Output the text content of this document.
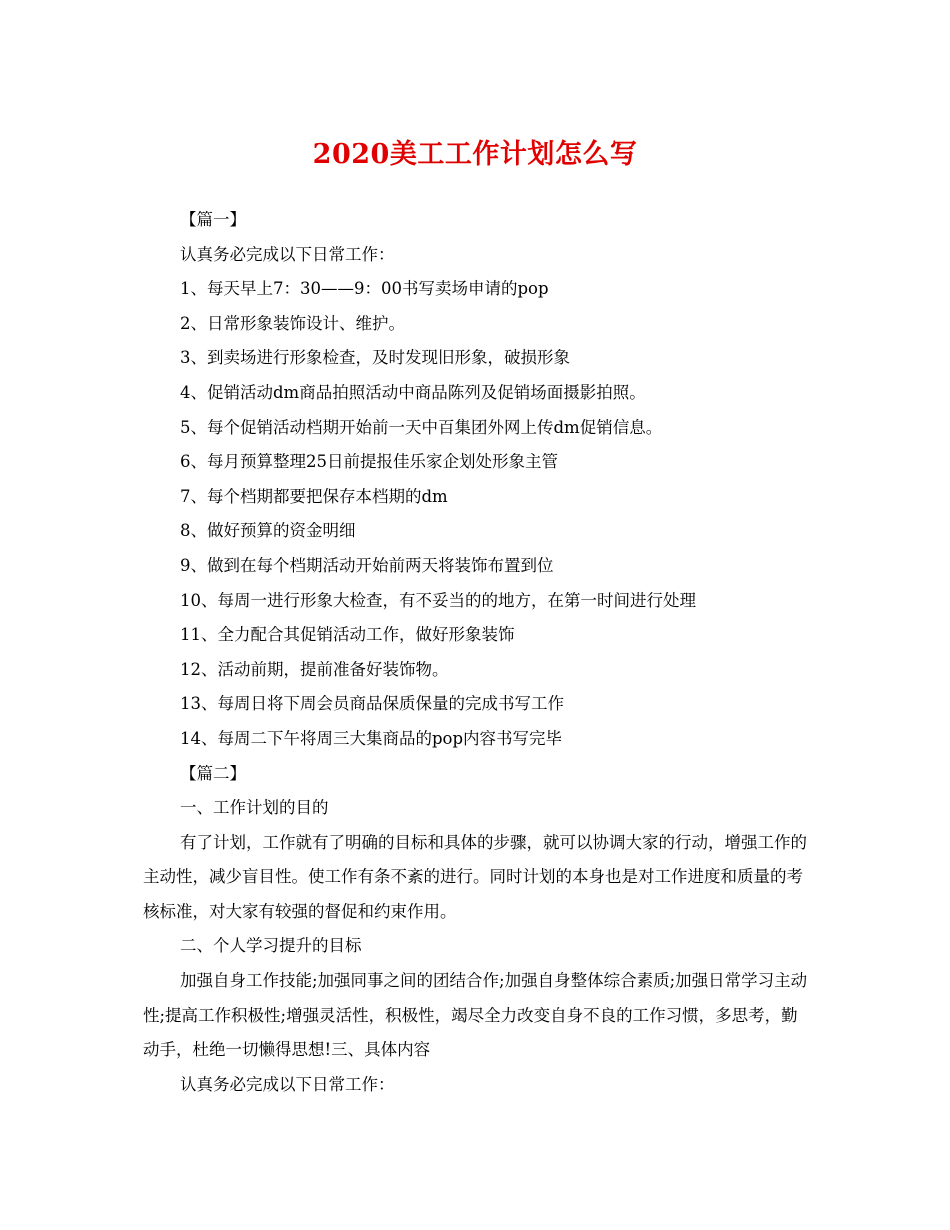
2020美工工作计划怎么写

【篇一】

认真务必完成以下日常工作：

1、每天早上7：30——9：00书写卖场申请的pop

2、日常形象装饰设计、维护。

3、到卖场进行形象检查，及时发现旧形象，破损形象

4、促销活动dm商品拍照活动中商品陈列及促销场面摄影拍照。

5、每个促销活动档期开始前一天中百集团外网上传dm促销信息。

6、每月预算整理25日前提报佳乐家企划处形象主管

7、每个档期都要把保存本档期的dm

8、做好预算的资金明细

9、做到在每个档期活动开始前两天将装饰布置到位

10、每周一进行形象大检查，有不妥当的的地方，在第一时间进行处理

11、全力配合其促销活动工作，做好形象装饰

12、活动前期，提前准备好装饰物。

13、每周日将下周会员商品保质保量的完成书写工作

14、每周二下午将周三大集商品的pop内容书写完毕

【篇二】

一、工作计划的目的

有了计划，工作就有了明确的目标和具体的步骤，就可以协调大家的行动，增强工作的主动性，减少盲目性。使工作有条不紊的进行。同时计划的本身也是对工作进度和质量的考核标准，对大家有较强的督促和约束作用。

二、个人学习提升的目标

加强自身工作技能;加强同事之间的团结合作;加强自身整体综合素质;加强日常学习主动性;提高工作积极性;增强灵活性，积极性，竭尽全力改变自身不良的工作习惯，多思考，勤动手，杜绝一切懒得思想!三、具体内容

认真务必完成以下日常工作：
